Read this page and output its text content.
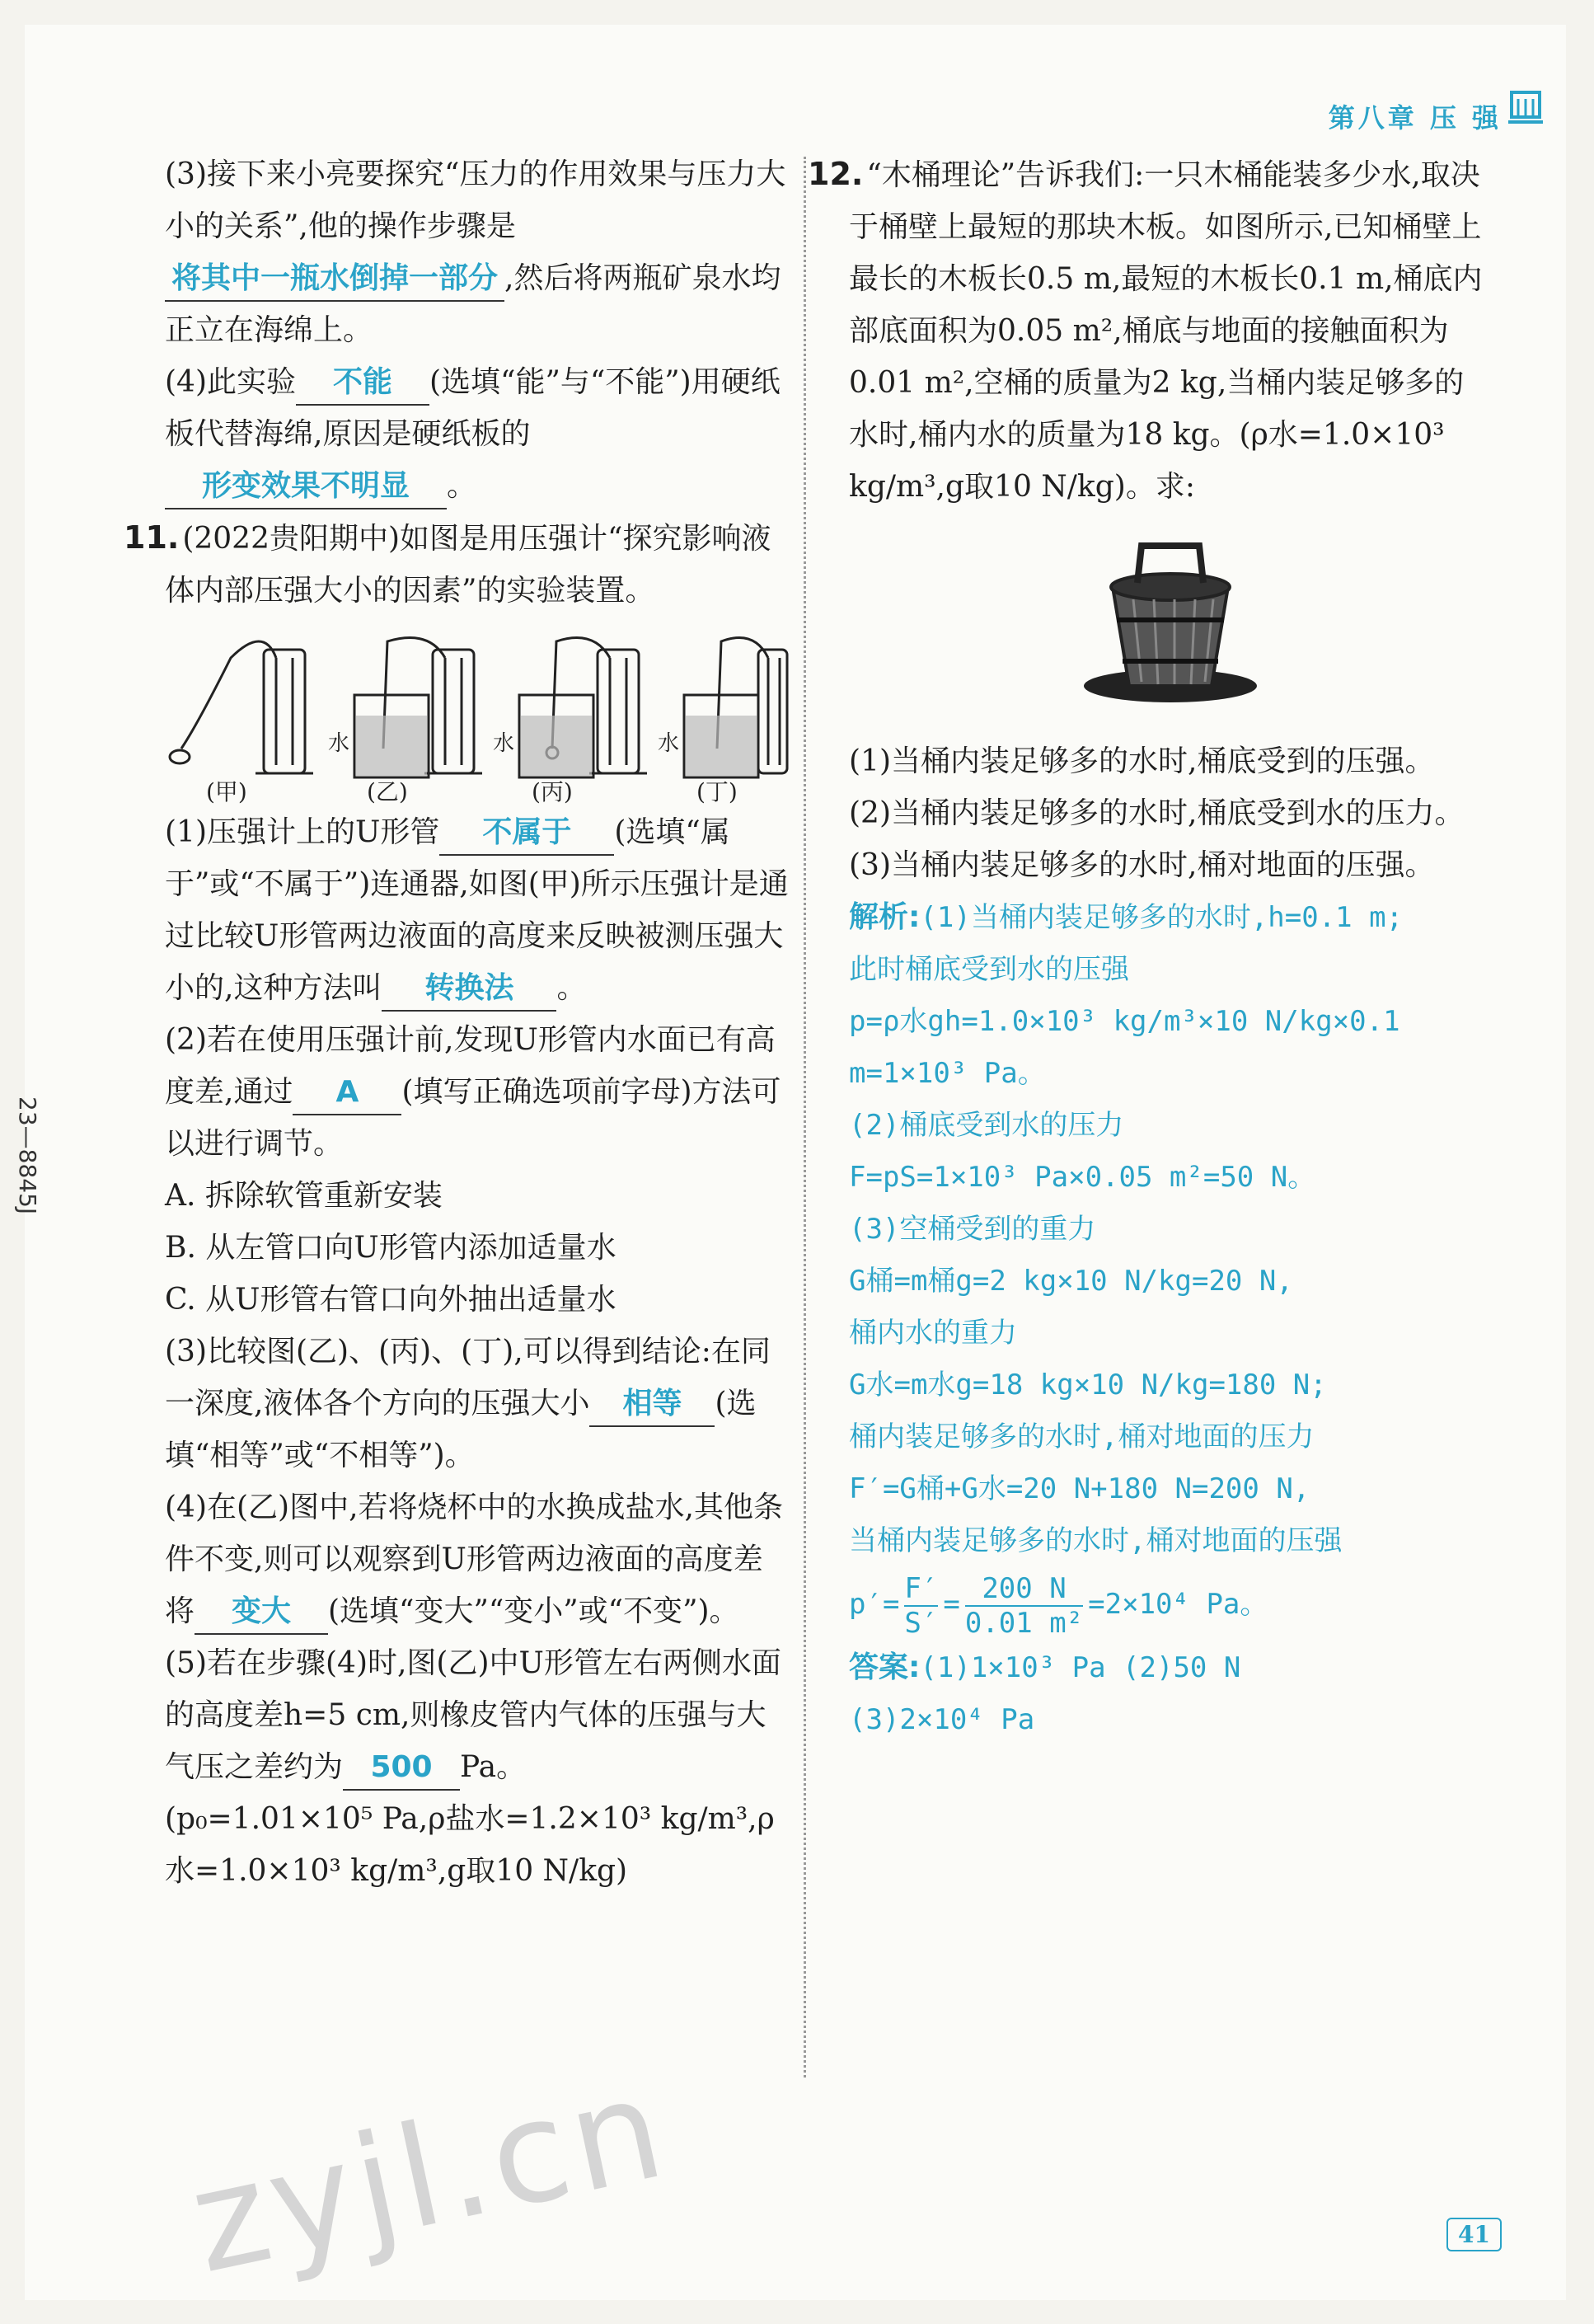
第八章 压 强
23—8845J

(3)接下来小亮要探究“压力的作用效果与压力大小的关系”,他的操作步骤是将其中一瓶水倒掉一部分 ,然后将两瓶矿泉水均正立在海绵上。

(4)此实验 不能 (选填“能”与“不能”)用硬纸板代替海绵,原因是硬纸板的形变效果不明显 。

11. (2022贵阳期中)如图是用压强计“探究影响液体内部压强大小的因素”的实验装置。

水	水	水
(甲)	(乙)	(丙)	(丁)

(1)压强计上的U形管 不属于 (选填“属于”或“不属于”)连通器,如图(甲)所示压强计是通过比较U形管两边液面的高度来反映被测压强大小的,这种方法叫 转换法 。

(2)若在使用压强计前,发现U形管内水面已有高度差,通过 A (填写正确选项前字母)方法可以进行调节。

A. 拆除软管重新安装

B. 从左管口向U形管内添加适量水

C. 从U形管右管口向外抽出适量水

(3)比较图(乙)、(丙)、(丁),可以得到结论:在同一深度,液体各个方向的压强大小 相等 (选填“相等”或“不相等”)。

(4)在(乙)图中,若将烧杯中的水换成盐水,其他条件不变,则可以观察到U形管两边液面的高度差将 变大 (选填“变大”“变小”或“不变”)。

(5)若在步骤(4)时,图(乙)中U形管左右两侧水面的高度差h=5 cm,则橡皮管内气体的压强与大气压之差约为 500 Pa。

(p₀=1.01×10⁵ Pa,ρ盐水=1.2×10³ kg/m³,ρ水=1.0×10³ kg/m³,g取10 N/kg)

12. “木桶理论”告诉我们:一只木桶能装多少水,取决于桶壁上最短的那块木板。如图所示,已知桶壁上最长的木板长0.5 m,最短的木板长0.1 m,桶底内部底面积为0.05 m²,桶底与地面的接触面积为0.01 m²,空桶的质量为2 kg,当桶内装足够多的水时,桶内水的质量为18 kg。(ρ水=1.0×10³ kg/m³,g取10 N/kg)。求:

(1)当桶内装足够多的水时,桶底受到的压强。

(2)当桶内装足够多的水时,桶底受到水的压力。

(3)当桶内装足够多的水时,桶对地面的压强。

解析:(1)当桶内装足够多的水时,h=0.1 m;

此时桶底受到水的压强

p=ρ水gh=1.0×10³ kg/m³×10 N/kg×0.1 m=1×10³ Pa。

(2)桶底受到水的压力

F=pS=1×10³ Pa×0.05 m²=50 N。

(3)空桶受到的重力

G桶=m桶g=2 kg×10 N/kg=20 N,

桶内水的重力

G水=m水g=18 kg×10 N/kg=180 N;

桶内装足够多的水时,桶对地面的压力

F′=G桶+G水=20 N+180 N=200 N,

当桶内装足够多的水时,桶对地面的压强

$p'= \frac{F'}{S'} = \frac{200 N}{\text{0.01 m²}} =2\times 10^4$ Pa。

答案:(1)1×10³ Pa (2)50 N

(3)2×10⁴ Pa

zyjl.cn	41
